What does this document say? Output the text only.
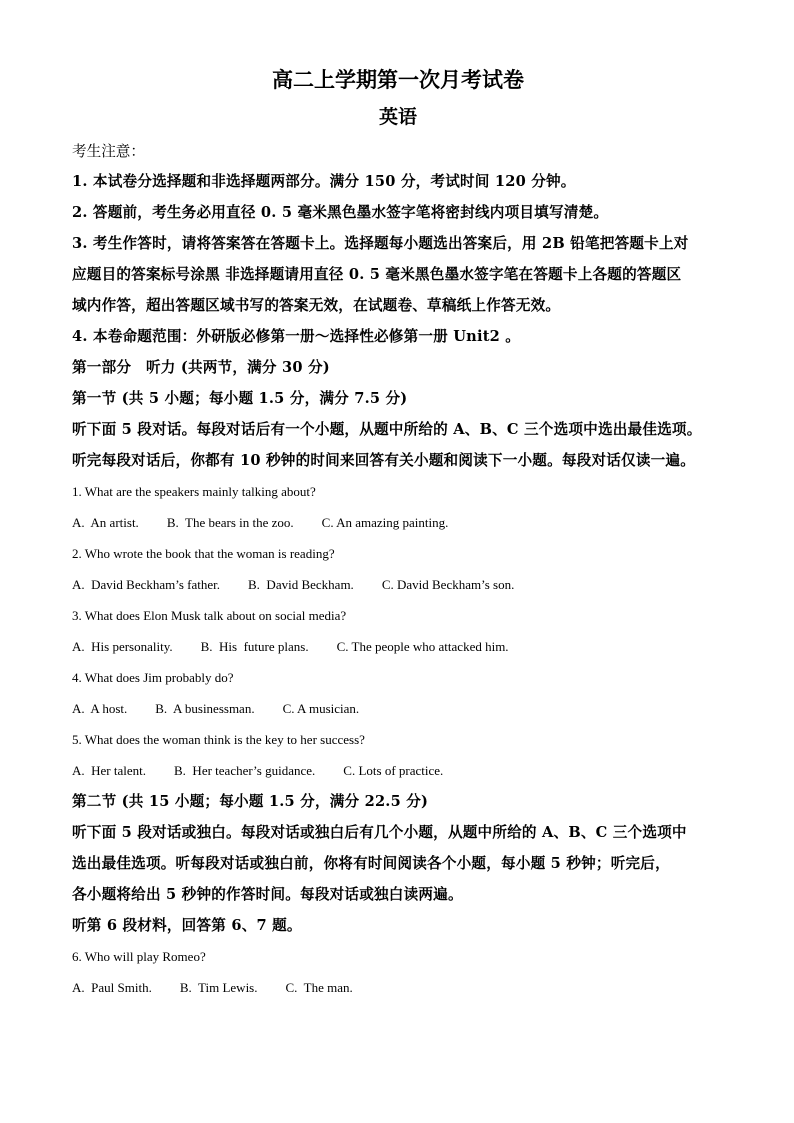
高二上学期第一次月考试卷
英语

考生注意：

1. 本试卷分选择题和非选择题两部分。满分 150 分，考试时间 120 分钟。

2. 答题前，考生务必用直径 0. 5 毫米黑色墨水签字笔将密封线内项目填写清楚。

3. 考生作答时，请将答案答在答题卡上。选择题每小题选出答案后，用 2B 铅笔把答题卡上对

应题目的答案标号涂黑 非选择题请用直径 0. 5 毫米黑色墨水签字笔在答题卡上各题的答题区

域内作答，超出答题区域书写的答案无效，在试题卷、草稿纸上作答无效。

4. 本卷命题范围：外研版必修第一册～选择性必修第一册 Unit2 。

第一部分　听力 (共两节，满分 30 分)

第一节 (共 5 小题；每小题 1.5 分，满分 7.5 分)

听下面 5 段对话。每段对话后有一个小题，从题中所给的 A、B、C 三个选项中选出最佳选项。

听完每段对话后，你都有 10 秒钟的时间来回答有关小题和阅读下一小题。每段对话仅读一遍。

1. What are the speakers mainly talking about?

A.  An artist. B.  The bears in the zoo. C. An amazing painting.

2. Who wrote the book that the woman is reading?

A.  David Beckham’s father. B.  David Beckham. C. David Beckham’s son.

3. What does Elon Musk talk about on social media?

A.  His personality. B.  His  future plans. C. The people who attacked him.

4. What does Jim probably do?

A.  A host. B.  A businessman. C. A musician.

5. What does the woman think is the key to her success?

A.  Her talent. B.  Her teacher’s guidance. C. Lots of practice.

第二节 (共 15 小题；每小题 1.5 分，满分 22.5 分)

听下面 5 段对话或独白。每段对话或独白后有几个小题，从题中所给的 A、B、C 三个选项中

选出最佳选项。听每段对话或独白前，你将有时间阅读各个小题，每小题 5 秒钟；听完后，

各小题将给出 5 秒钟的作答时间。每段对话或独白读两遍。

听第 6 段材料，回答第 6、7 题。

6. Who will play Romeo?

A.  Paul Smith. B.  Tim Lewis. C.  The man.
